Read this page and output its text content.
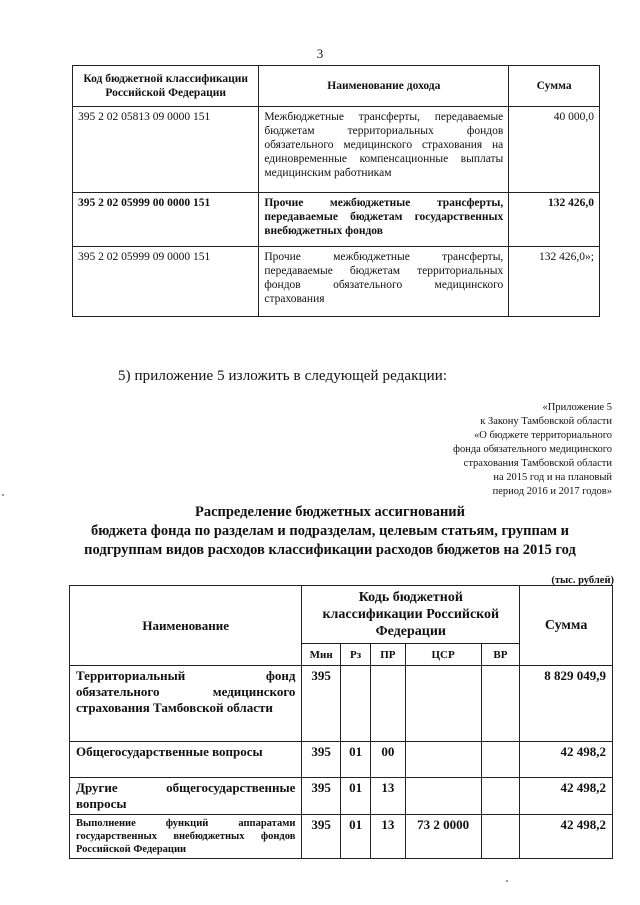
3
Код бюджетной классификации Российской Федерации	Наименование дохода	Сумма
395 2 02 05813 09 0000 151	Межбюджетные трансферты, передаваемые бюджетам территориальных фондов обязательного медицинского страхования на единовременные компенсационные выплаты медицинским работникам	40 000,0
395 2 02 05999 00 0000 151	Прочие межбюджетные трансферты, передаваемые бюджетам государственных внебюджетных фондов	132 426,0
395 2 02 05999 09 0000 151	Прочие межбюджетные трансферты, передаваемые бюджетам территориальных фондов обязательного медицинского страхования	132 426,0»;
5) приложение 5 изложить в следующей редакции:
«Приложение 5
к Закону Тамбовской области
«О бюджете территориального
фонда обязательного медицинского
страхования Тамбовской области
на 2015 год и на плановый
период 2016 и 2017 годов»
Распределение бюджетных ассигнований
бюджета фонда по разделам и подразделам, целевым статьям, группам и
подгруппам видов расходов классификации расходов бюджетов на 2015 год
(тыс. рублей)
Наименование	Кодь бюджетной классификации Российской Федерации					Сумма
	Мин	Рз	ПР	ЦСР	ВР	
Территориальный фонд обязательного медицинского страхования Тамбовской области	395					8 829 049,9
Общегосударственные вопросы	395	01	00			42 498,2
Другие общегосударственные вопросы	395	01	13			42 498,2
Выполнение функций аппаратами государственных внебюджетных фондов Российской Федерации	395	01	13	73 2 0000		42 498,2
